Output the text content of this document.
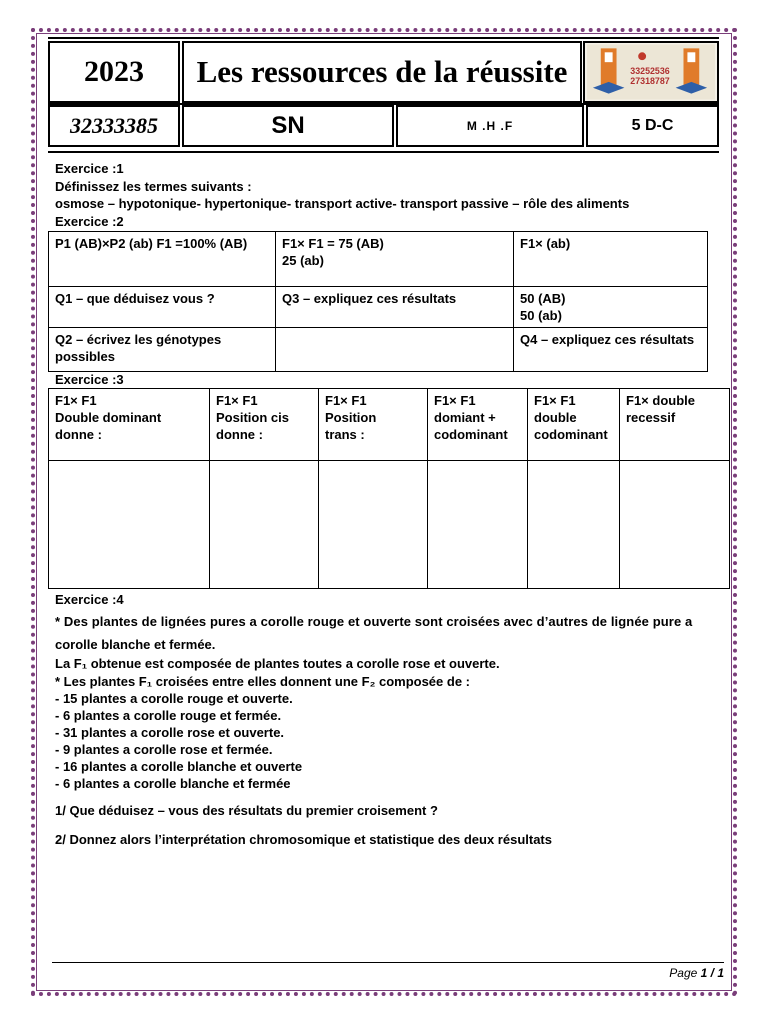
2023	Les ressources de la réussite	33252536
27318787
32333385	SN	M .H .F	5 D-C
Exercice :1
Définissez les termes suivants :
osmose – hypotonique- hypertonique- transport active- transport passive – rôle des aliments
Exercice :2
P1 (AB)×P2 (ab) F1 =100% (AB)	F1× F1 = 75 (AB)
25 (ab)	F1× (ab)

Q1 – que déduisez vous ?	Q3 – expliquez ces résultats	50 (AB)
50 (ab)

Q2 – écrivez les génotypes
possibles		Q4 – expliquez ces résultats
Exercice :3
F1× F1
Double dominant
donne :	F1× F1
Position cis
donne :	F1× F1
Position
trans :	F1× F1
domiant +
codominant	F1× F1
double
codominant	F1× double
recessif

Exercice :4
* Des plantes de lignées pures a corolle rouge et ouverte sont croisées avec d’autres de lignée pure a
corolle blanche et fermée.
La F₁ obtenue est composée de plantes toutes a corolle rose et ouverte.
* Les plantes F₁ croisées entre elles donnent une F₂ composée de :
- 15 plantes a corolle rouge et ouverte.
- 6 plantes a corolle rouge et fermée.
- 31 plantes a corolle rose et ouverte.
- 9 plantes a corolle rose et fermée.
- 16 plantes a corolle blanche et ouverte
- 6 plantes a corolle blanche et fermée
1/ Que déduisez – vous des résultats du premier croisement ?
2/ Donnez alors l’interprétation chromosomique et statistique des deux résultats
Page 1 / 1
